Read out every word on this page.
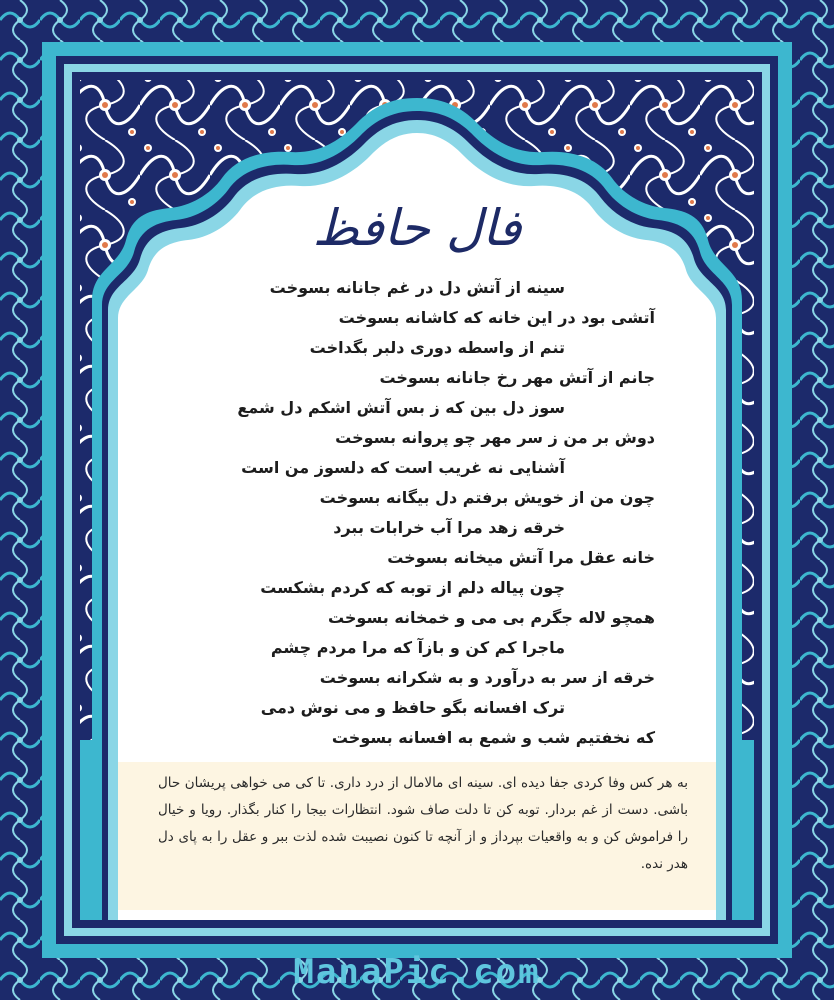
فال حافظ
سینه از آتش دل در غم جانانه بسوخت
آتشی بود در این خانه که کاشانه بسوخت
تنم از واسطه دوری دلبر بگداخت
جانم از آتش مهر رخ جانانه بسوخت
سوز دل بین که ز بس آتش اشکم دل شمع
دوش بر من ز سر مهر چو پروانه بسوخت
آشنایی نه غریب است که دلسوز من است
چون من از خویش برفتم دل بیگانه بسوخت
خرقه زهد مرا آب خرابات ببرد
خانه عقل مرا آتش میخانه بسوخت
چون پیاله دلم از توبه که کردم بشکست
همچو لاله جگرم بی می و خمخانه بسوخت
ماجرا کم کن و بازآ که مرا مردم چشم
خرقه از سر به درآورد و به شکرانه بسوخت
ترک افسانه بگو حافظ و می نوش دمی
که نخفتیم شب و شمع به افسانه بسوخت
به هر کس وفا کردی جفا دیده ای. سینه ای مالامال از درد داری. تا کی می خواهی پریشان حال باشی. دست از غم بردار. توبه کن تا دلت صاف شود. انتظارات بیجا را کنار بگذار. رویا و خیال را فراموش کن و به واقعیات بپرداز و از آنچه تا کنون نصیبت شده لذت ببر و عقل را به پای دل هدر نده.
ManaPic.com
